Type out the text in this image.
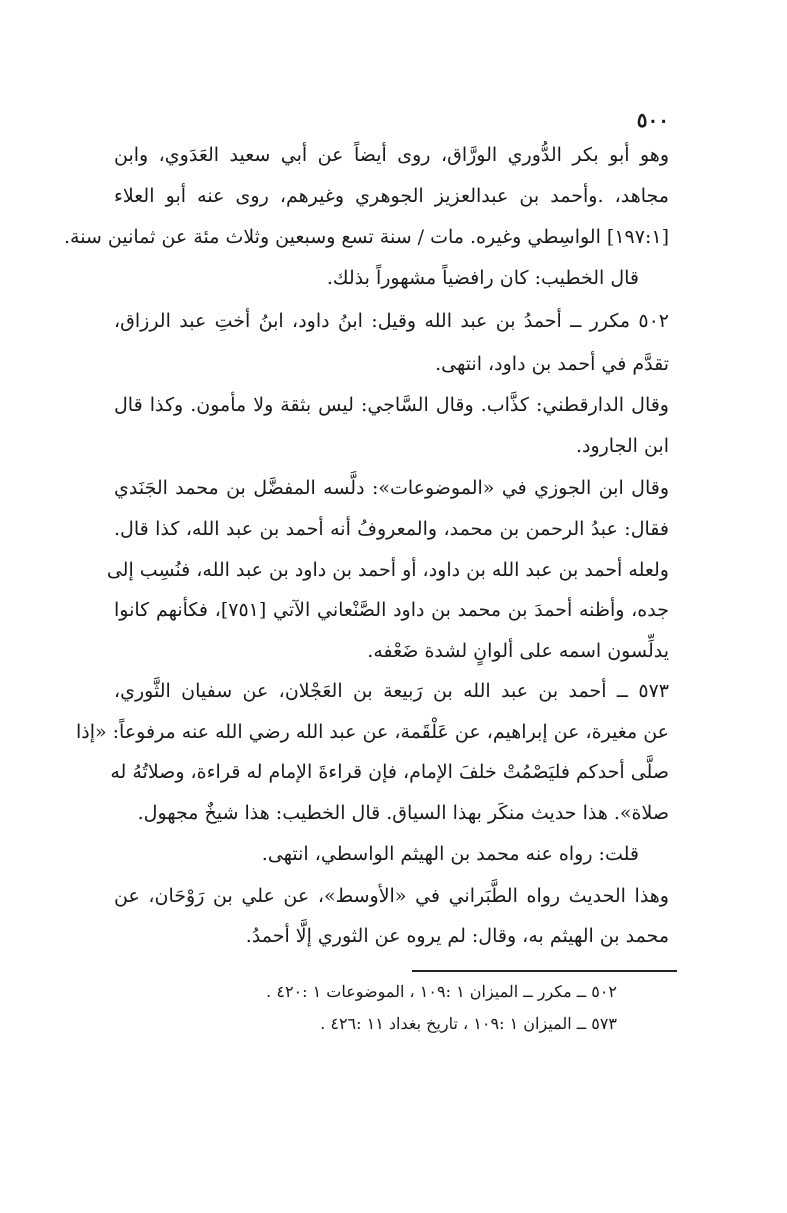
٥٠٠
وهو أبو بكر الدُّوري الورَّاق، روى أيضاً عن أبي سعيد العَدَوي، وابن
مجاهد، .وأحمد بن عبدالعزيز الجوهري وغيرهم، روى عنه أبو العلاء
[١٩٧:١] الواسِطي وغيره. مات / سنة تسع وسبعين وثلاث مئة عن ثمانين سنة.
قال الخطيب: كان رافضياً مشهوراً بذلك.
٥٠٢ مكرر ــ أحمدُ بن عبد الله وقيل: ابنُ داود، ابنُ أختِ عبد الرزاق،
تقدَّم في أحمد بن داود، انتهى.
وقال الدارقطني: كذَّاب. وقال السَّاجي: ليس بثقة ولا مأمون. وكذا قال
ابن الجارود.
وقال ابن الجوزي في «الموضوعات»: دلَّسه المفضَّل بن محمد الجَنَدي
فقال: عبدُ الرحمن بن محمد، والمعروفُ أنه أحمد بن عبد الله، كذا قال.
ولعله أحمد بن عبد الله بن داود، أو أحمد بن داود بن عبد الله، فنُسِب إلى
جده، وأظنه أحمدَ بن محمد بن داود الصَّنْعاني الآتي [٧٥١]، فكأنهم كانوا
يدلِّسون اسمه على ألوانٍ لشدة ضَعْفه.
٥٧٣ ــ أحمد بن عبد الله بن رَبيعة بن العَجْلان، عن سفيان الثَّوري،
عن مغيرة، عن إبراهيم، عن عَلْقَمة، عن عبد الله رضي الله عنه مرفوعاً: «إذا
صلَّى أحدكم فليَصْمُتْ خلفَ الإمام، فإن قراءةَ الإمام له قراءة، وصلاتُهُ له
صلاة». هذا حديث منكَر بهذا السياق. قال الخطيب: هذا شيخٌ مجهول.
قلت: رواه عنه محمد بن الهيثم الواسطي، انتهى.
وهذا الحديث رواه الطَّبَراني في «الأوسط»، عن علي بن رَوْحَان، عن
محمد بن الهيثم به، وقال: لم يروه عن الثوري إلَّا أحمدُ.
٥٠٢ ــ مكرر ــ الميزان ١ :١٠٩ ، الموضوعات ١ :٤٢٠ .
٥٧٣ ــ الميزان ١ :١٠٩ ، تاريخ بغداد ١١ :٤٢٦ .
